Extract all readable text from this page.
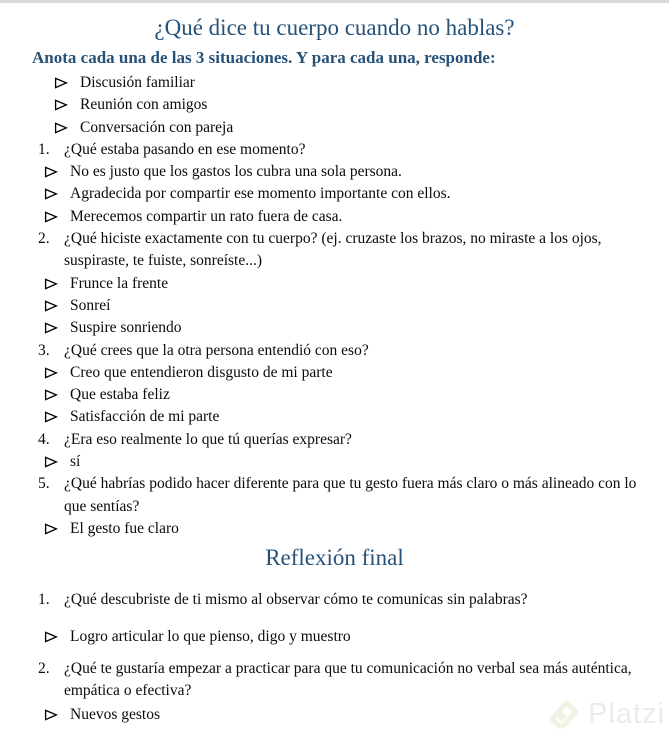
¿Qué dice tu cuerpo cuando no hablas?

Anota cada una de las 3 situaciones. Y para cada una, responde:

Discusión familiar
Reunión con amigos
Conversación con pareja
1. ¿Qué estaba pasando en ese momento?
No es justo que los gastos los cubra una sola persona.
Agradecida por compartir ese momento importante con ellos.
Merecemos compartir un rato fuera de casa.
2. ¿Qué hiciste exactamente con tu cuerpo? (ej. cruzaste los brazos, no miraste a los ojos, suspiraste, te fuiste, sonreíste...)
Frunce la frente
Sonreí
Suspire sonriendo
3. ¿Qué crees que la otra persona entendió con eso?
Creo que entendieron disgusto de mi parte
Que estaba feliz
Satisfacción de mi parte
4. ¿Era eso realmente lo que tú querías expresar?
sí
5. ¿Qué habrías podido hacer diferente para que tu gesto fuera más claro o más alineado con lo que sentías?
El gesto fue claro
Reflexión final
1. ¿Qué descubriste de ti mismo al observar cómo te comunicas sin palabras?
Logro articular lo que pienso, digo y muestro
2. ¿Qué te gustaría empezar a practicar para que tu comunicación no verbal sea más auténtica, empática o efectiva?
Nuevos gestos	Platzi
